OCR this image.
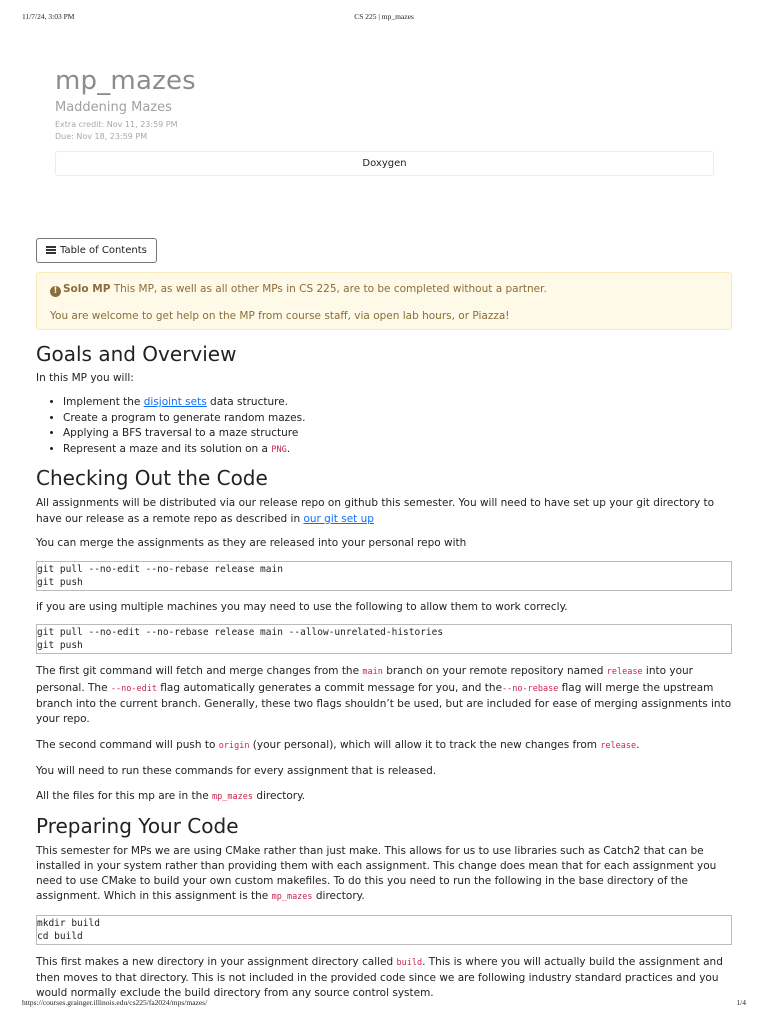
11/7/24, 3:03 PM	CS 225 | mp_mazes
mp_mazes
Maddening Mazes
Extra credit: Nov 11, 23:59 PM
Due: Nov 18, 23:59 PM
Doxygen
Table of Contents

! Solo MP This MP, as well as all other MPs in CS 225, are to be completed without a partner.

You are welcome to get help on the MP from course staff, via open lab hours, or Piazza!

Goals and Overview

In this MP you will:

• Implement the disjoint sets data structure.
• Create a program to generate random mazes.
• Applying a BFS traversal to a maze structure
• Represent a maze and its solution on a PNG.
Checking Out the Code

All assignments will be distributed via our release repo on github this semester. You will need to have set up your git directory to have our release as a remote repo as described in our git set up

You can merge the assignments as they are released into your personal repo with

git pull --no-edit --no-rebase release main
git push

if you are using multiple machines you may need to use the following to allow them to work correcly.

git pull --no-edit --no-rebase release main --allow-unrelated-histories
git push

The first git command will fetch and merge changes from the main branch on your remote repository named release into your personal. The --no-edit flag automatically generates a commit message for you, and the--no-rebase flag will merge the upstream branch into the current branch. Generally, these two flags shouldn’t be used, but are included for ease of merging assignments into your repo.

The second command will push to origin (your personal), which will allow it to track the new changes from release.

You will need to run these commands for every assignment that is released.

All the files for this mp are in the mp_mazes directory.

Preparing Your Code

This semester for MPs we are using CMake rather than just make. This allows for us to use libraries such as Catch2 that can be installed in your system rather than providing them with each assignment. This change does mean that for each assignment you need to use CMake to build your own custom makefiles. To do this you need to run the following in the base directory of the assignment. Which in this assignment is the mp_mazes directory.

mkdir build
cd build

This first makes a new directory in your assignment directory called build. This is where you will actually build the assignment and then moves to that directory. This is not included in the provided code since we are following industry standard practices and you would normally exclude the build directory from any source control system.

https://courses.grainger.illinois.edu/cs225/fa2024/mps/mazes/	1/4
